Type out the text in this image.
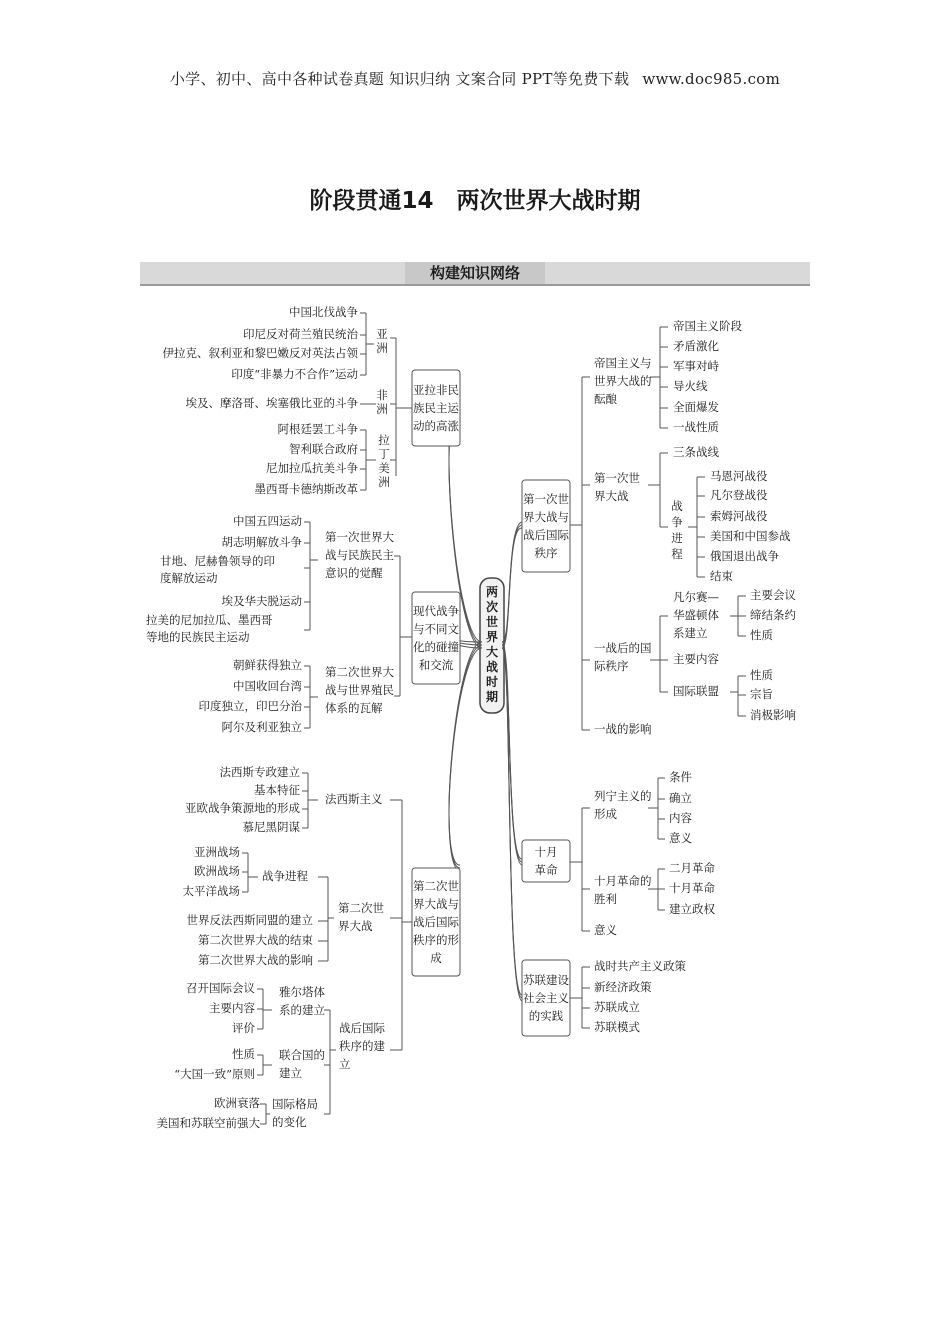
小学、初中、高中各种试卷真题 知识归纳 文案合同 PPT等免费下载 www.doc985.com
阶段贯通14　两次世界大战时期
构建知识网络
两次世界大战时期
亚拉非民族民主运动的高涨
中国北伐战争
印尼反对荷兰殖民统治
伊拉克、叙利亚和黎巴嫩反对英法占领
印度“非暴力不合作”运动
亚洲
埃及、摩洛哥、埃塞俄比亚的斗争
非洲
阿根廷罢工斗争
智利联合政府
尼加拉瓜抗美斗争
墨西哥卡德纳斯改革
拉丁美洲
现代战争与不同文化的碰撞和交流
第一次世界大战与民族民主意识的觉醒
中国五四运动
胡志明解放斗争
甘地、尼赫鲁领导的印度解放运动
埃及华夫脱运动
拉美的尼加拉瓜、墨西哥等地的民族民主运动
朝鲜获得独立
中国收回台湾
印度独立，印巴分治
阿尔及利亚独立
第二次世界大战与世界殖民体系的瓦解
第二次世界大战与战后国际秩序的形成
法西斯专政建立
基本特征
亚欧战争策源地的形成
慕尼黑阴谋
法西斯主义
亚洲战场
欧洲战场
太平洋战场
战争进程
世界反法西斯同盟的建立
第二次世界大战的结束
第二次世界大战的影响
第二次世界大战
召开国际会议
主要内容
评价
雅尔塔体系的建立
性质
“大国一致”原则
联合国的建立
欧洲衰落
美国和苏联空前强大
国际格局的变化
战后国际秩序的建立
第一次世界大战与战后国际秩序
帝国主义阶段
矛盾激化
军事对峙
导火线
全面爆发
一战性质
帝国主义与世界大战的酝酿
三条战线
战争进程
马恩河战役
凡尔登战役
索姆河战役
美国和中国参战
俄国退出战争
结束
第一次世界大战
凡尔赛—华盛顿体系建立
主要会议
缔结条约
性质
主要内容
国际联盟
性质
宗旨
消极影响
一战后的国际秩序
一战的影响
十月革命
条件
确立
内容
意义
列宁主义的形成
二月革命
十月革命
建立政权
十月革命的胜利
意义
苏联建设社会主义的实践
战时共产主义政策
新经济政策
苏联成立
苏联模式
